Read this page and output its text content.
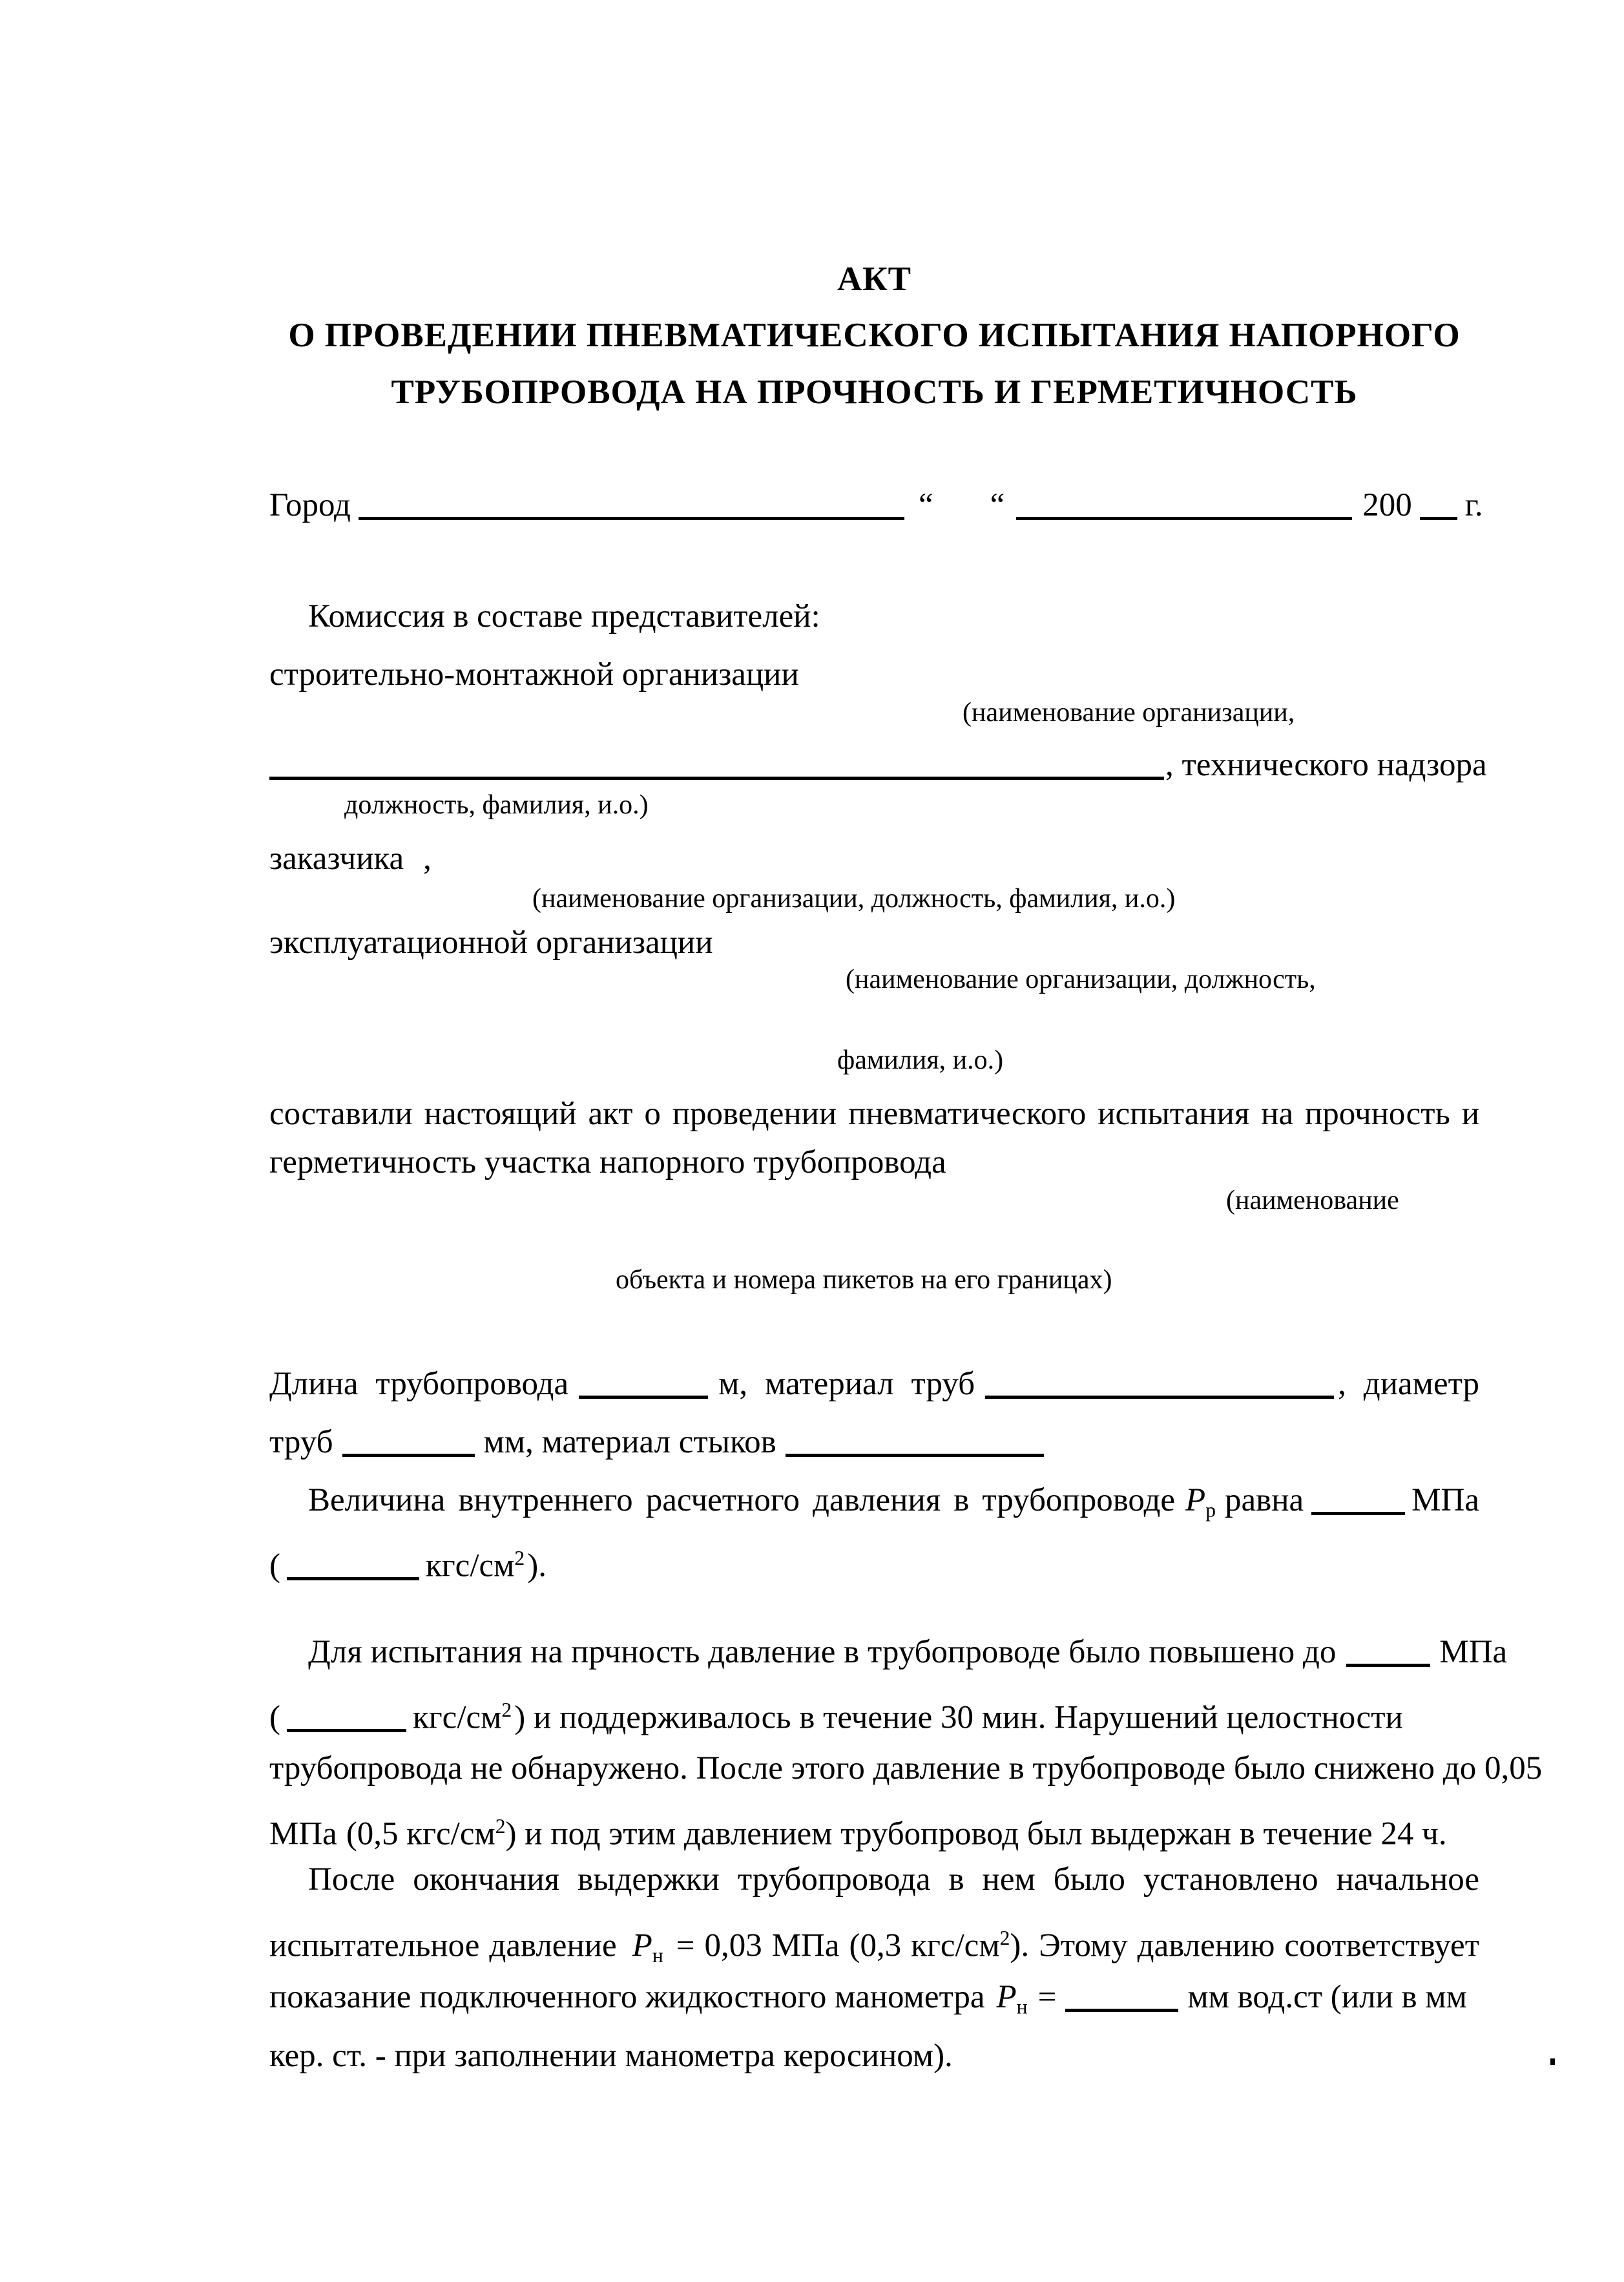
АКТ
О ПРОВЕДЕНИИ ПНЕВМАТИЧЕСКОГО ИСПЫТАНИЯ НАПОРНОГО
ТРУБОПРОВОДА НА ПРОЧНОСТЬ И ГЕРМЕТИЧНОСТЬ
Город	“ “	200 г.
Комиссия в составе представителей:
строительно-монтажной организации
(наименование организации,
, технического надзора
должность, фамилия, и.о.)
заказчика ,
(наименование организации, должность, фамилия, и.о.)
эксплуатационной организации
(наименование организации, должность,
фамилия, и.о.)
составили настоящий акт о проведении пневматического испытания на прочность и
герметичность участка напорного трубопровода
(наименование
объекта и номера пикетов на его границах)
Длина трубопровода	м, материал труб	, диаметр
труб	мм, материал стыков
Величина внутреннего расчетного давления в трубопроводе $Р_р$ равна	МПа
(	кгс/$см^2$).
Для испытания на прчность давление в трубопроводе было повышено до	МПа
(	кгс/$см^2$) и поддерживалось в течение 30 мин. Нарушений целостности
трубопровода не обнаружено. После этого давление в трубопроводе было снижено до 0,05
МПа (0,5 кгс/$см^2$) и под этим давлением трубопровод был выдержан в течение 24 ч.
После окончания выдержки трубопровода в нем было установлено начальное
испытательное давление $Р_н = 0,03$ МПа (0,3 кгс/$см^2$). Этому давлению соответствует
показание подключенного жидкостного манометра $Р_н$ =	мм вод.ст (или в мм
кер. ст. - при заполнении манометра керосином).
